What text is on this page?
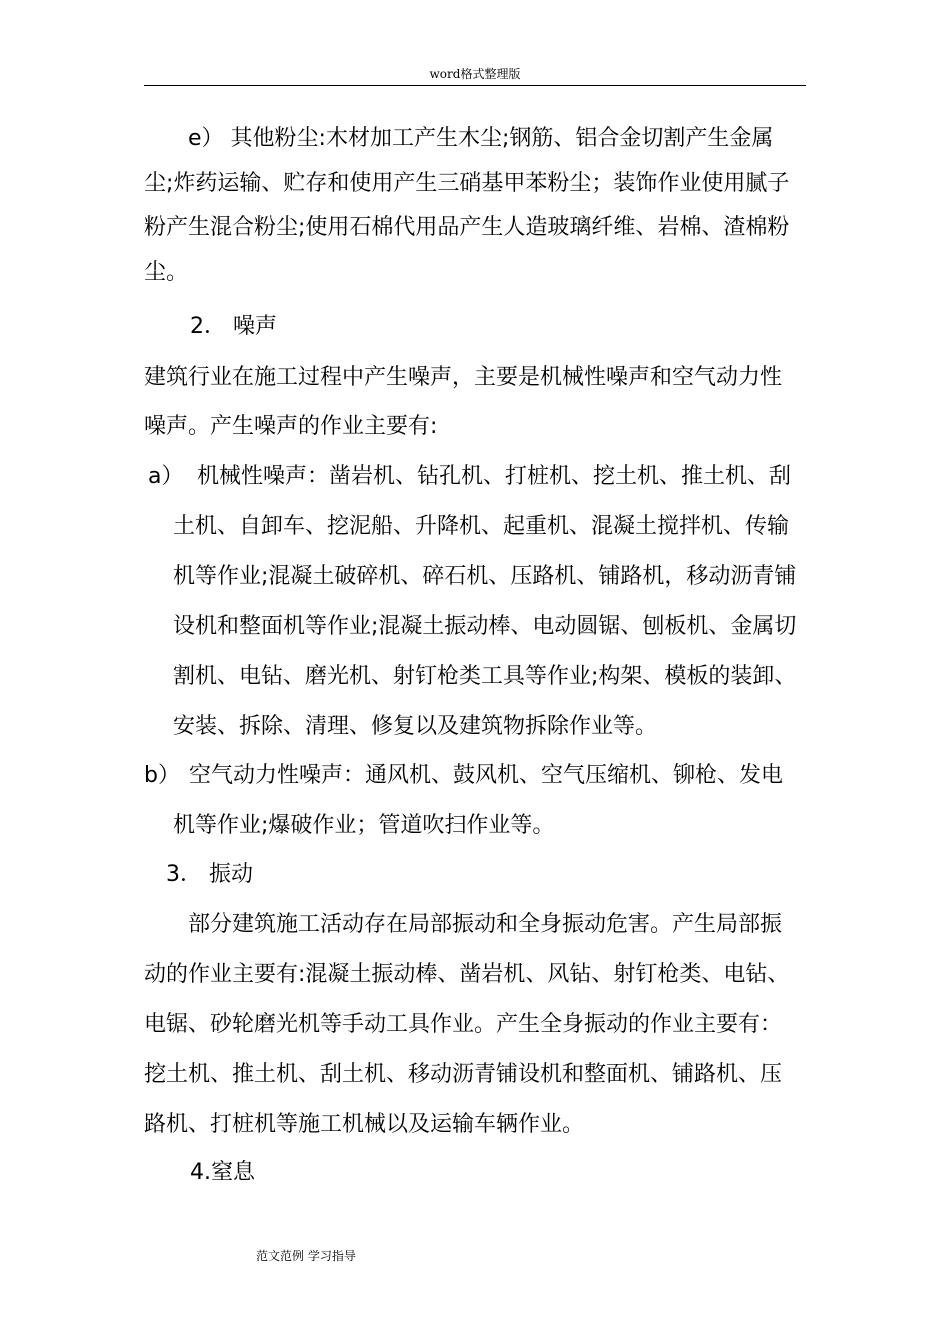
word格式整理版
e） 其他粉尘:木材加工产生木尘;钢筋、铝合金切割产生金属
尘;炸药运输、贮存和使用产生三硝基甲苯粉尘；装饰作业使用腻子
粉产生混合粉尘;使用石棉代用品产生人造玻璃纤维、岩棉、渣棉粉
尘。
2． 噪声
建筑行业在施工过程中产生噪声，主要是机械性噪声和空气动力性
噪声。产生噪声的作业主要有:
a） 机械性噪声：凿岩机、钻孔机、打桩机、挖土机、推土机、刮
土机、自卸车、挖泥船、升降机、起重机、混凝土搅拌机、传输
机等作业;混凝土破碎机、碎石机、压路机、铺路机，移动沥青铺
设机和整面机等作业;混凝土振动棒、电动圆锯、刨板机、金属切
割机、电钻、磨光机、射钉枪类工具等作业;构架、模板的装卸、
安装、拆除、清理、修复以及建筑物拆除作业等。
b） 空气动力性噪声：通风机、鼓风机、空气压缩机、铆枪、发电
机等作业;爆破作业；管道吹扫作业等。
3． 振动
部分建筑施工活动存在局部振动和全身振动危害。产生局部振
动的作业主要有:混凝土振动棒、凿岩机、风钻、射钉枪类、电钻、
电锯、砂轮磨光机等手动工具作业。产生全身振动的作业主要有：
挖土机、推土机、刮土机、移动沥青铺设机和整面机、铺路机、压
路机、打桩机等施工机械以及运输车辆作业。
4.窒息
范文范例 学习指导
